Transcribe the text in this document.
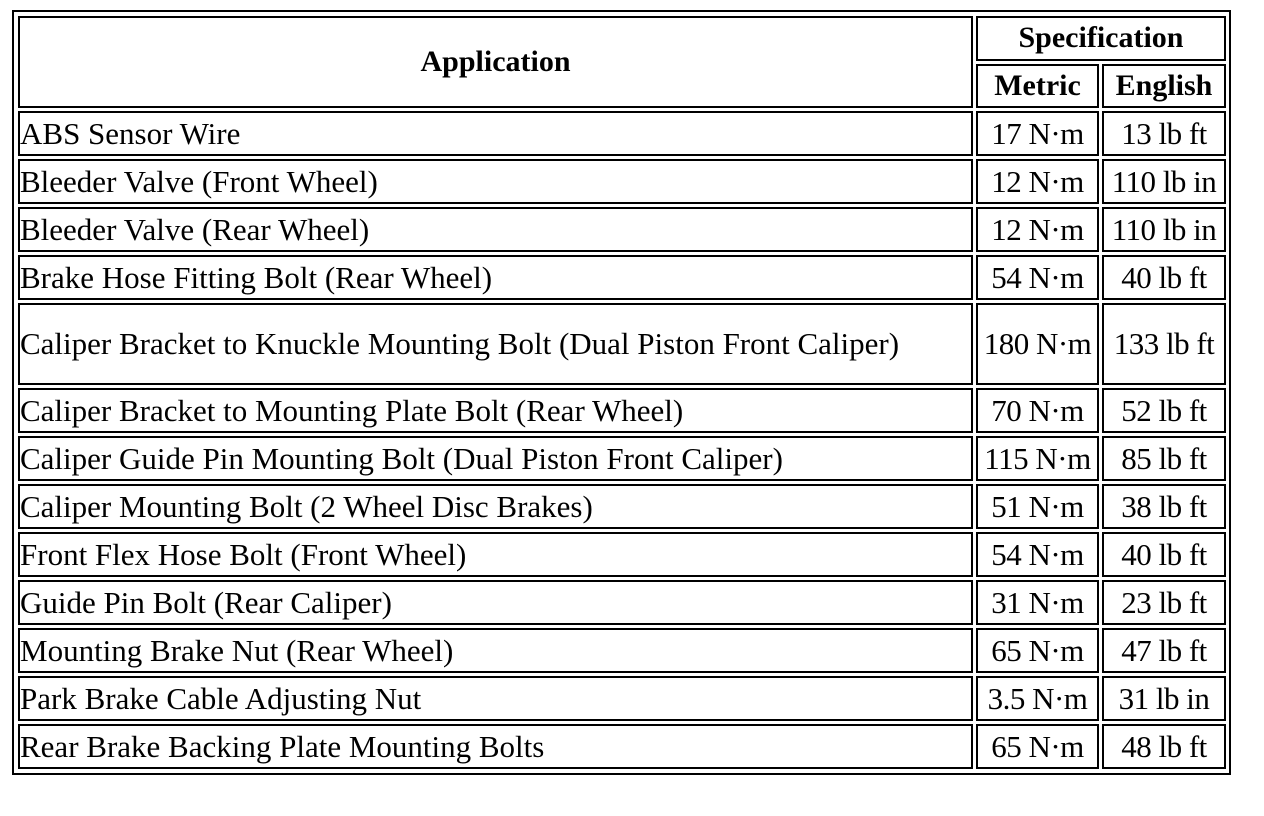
Application	Specification	
	Metric	English
ABS Sensor Wire	17 N·m	13 lb ft
Bleeder Valve (Front Wheel)	12 N·m	110 lb in
Bleeder Valve (Rear Wheel)	12 N·m	110 lb in
Brake Hose Fitting Bolt (Rear Wheel)	54 N·m	40 lb ft
Caliper Bracket to Knuckle Mounting Bolt (Dual Piston Front Caliper)	180 N·m	133 lb ft
Caliper Bracket to Mounting Plate Bolt (Rear Wheel)	70 N·m	52 lb ft
Caliper Guide Pin Mounting Bolt (Dual Piston Front Caliper)	115 N·m	85 lb ft
Caliper Mounting Bolt (2 Wheel Disc Brakes)	51 N·m	38 lb ft
Front Flex Hose Bolt (Front Wheel)	54 N·m	40 lb ft
Guide Pin Bolt (Rear Caliper)	31 N·m	23 lb ft
Mounting Brake Nut (Rear Wheel)	65 N·m	47 lb ft
Park Brake Cable Adjusting Nut	3.5 N·m	31 lb in
Rear Brake Backing Plate Mounting Bolts	65 N·m	48 lb ft
